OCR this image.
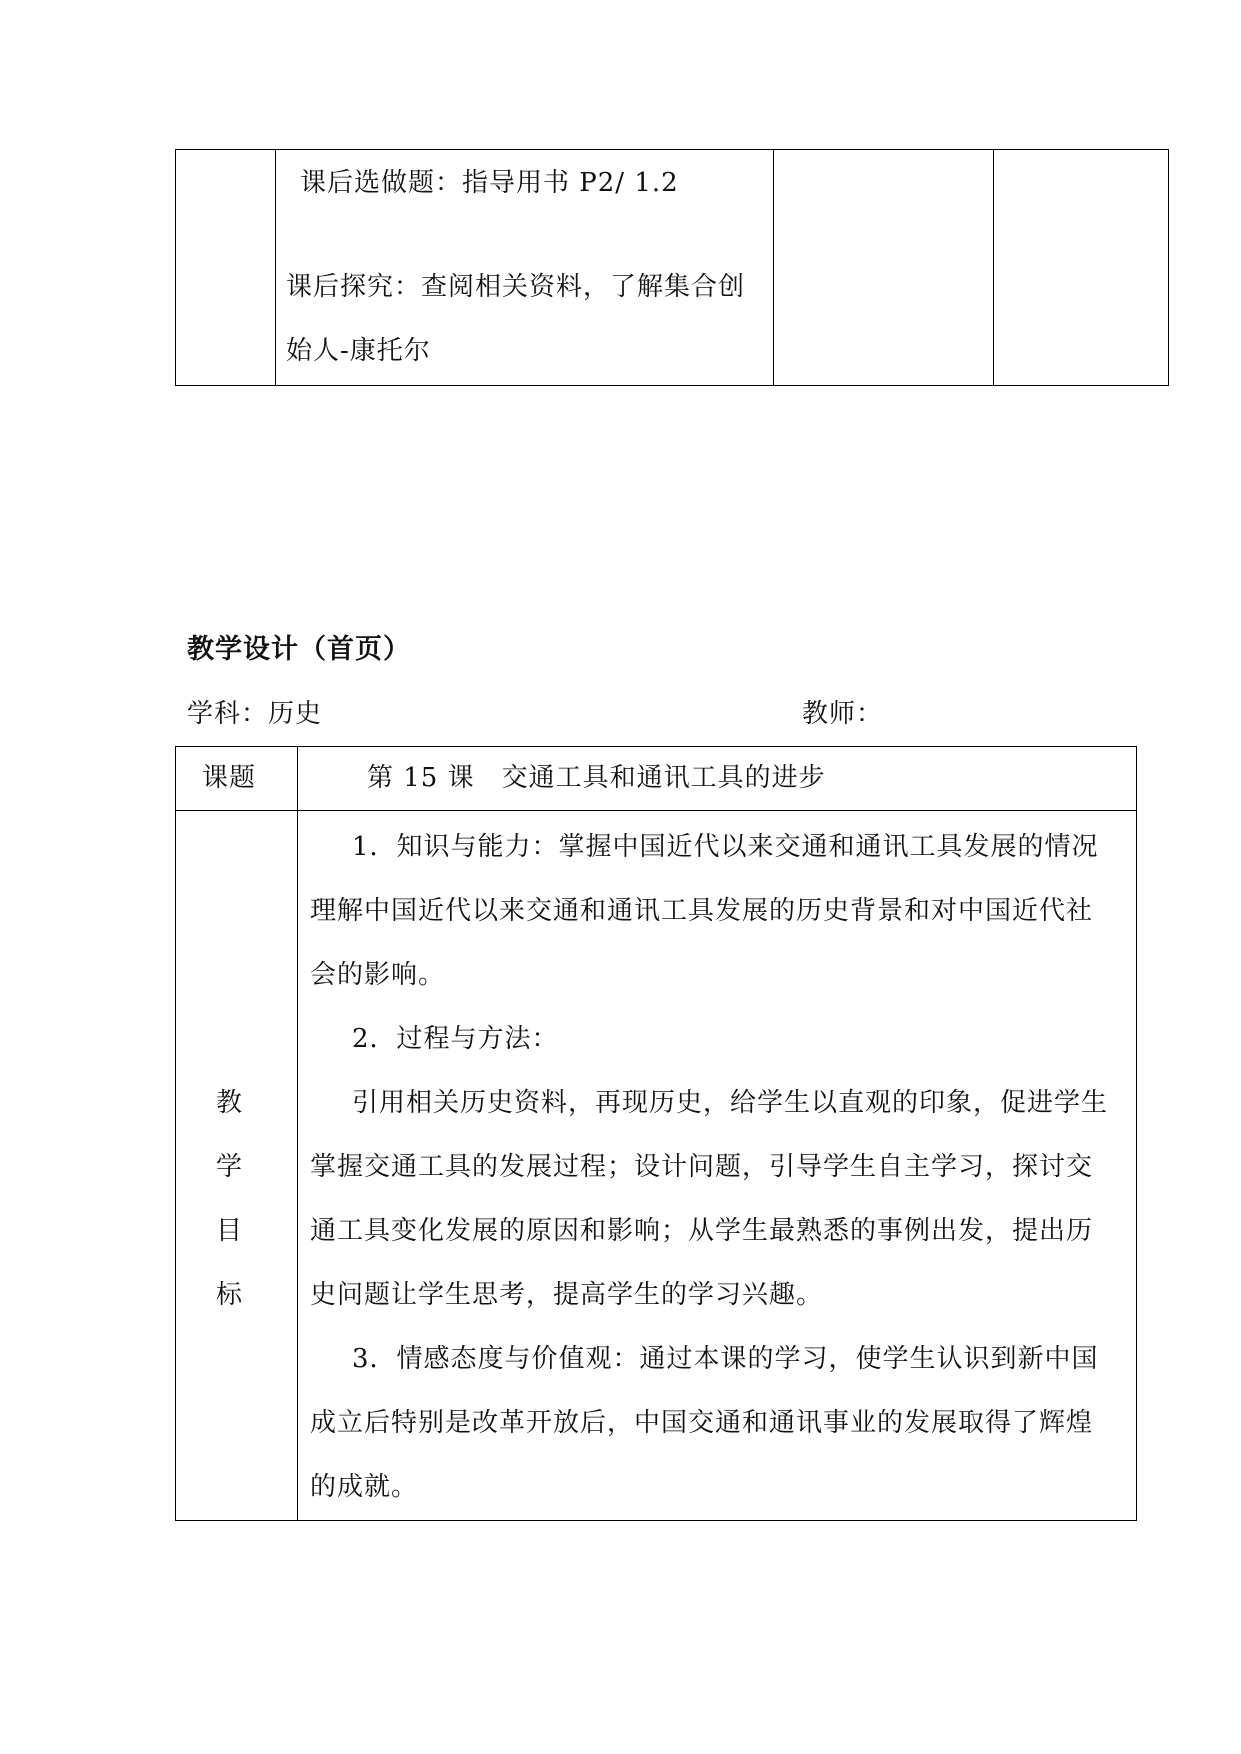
课后选做题：指导用书 P2/ 1.2
课后探究：查阅相关资料，了解集合创
始人-康托尔
教学设计（首页）
学科：历史	教师：
课题	第 15 课　交通工具和通讯工具的进步
教
学
目
标
1．知识与能力：掌握中国近代以来交通和通讯工具发展的情况
理解中国近代以来交通和通讯工具发展的历史背景和对中国近代社
会的影响。
2．过程与方法：
引用相关历史资料，再现历史，给学生以直观的印象，促进学生
掌握交通工具的发展过程；设计问题，引导学生自主学习，探讨交
通工具变化发展的原因和影响；从学生最熟悉的事例出发，提出历
史问题让学生思考，提高学生的学习兴趣。
3．情感态度与价值观：通过本课的学习，使学生认识到新中国
成立后特别是改革开放后，中国交通和通讯事业的发展取得了辉煌
的成就。
